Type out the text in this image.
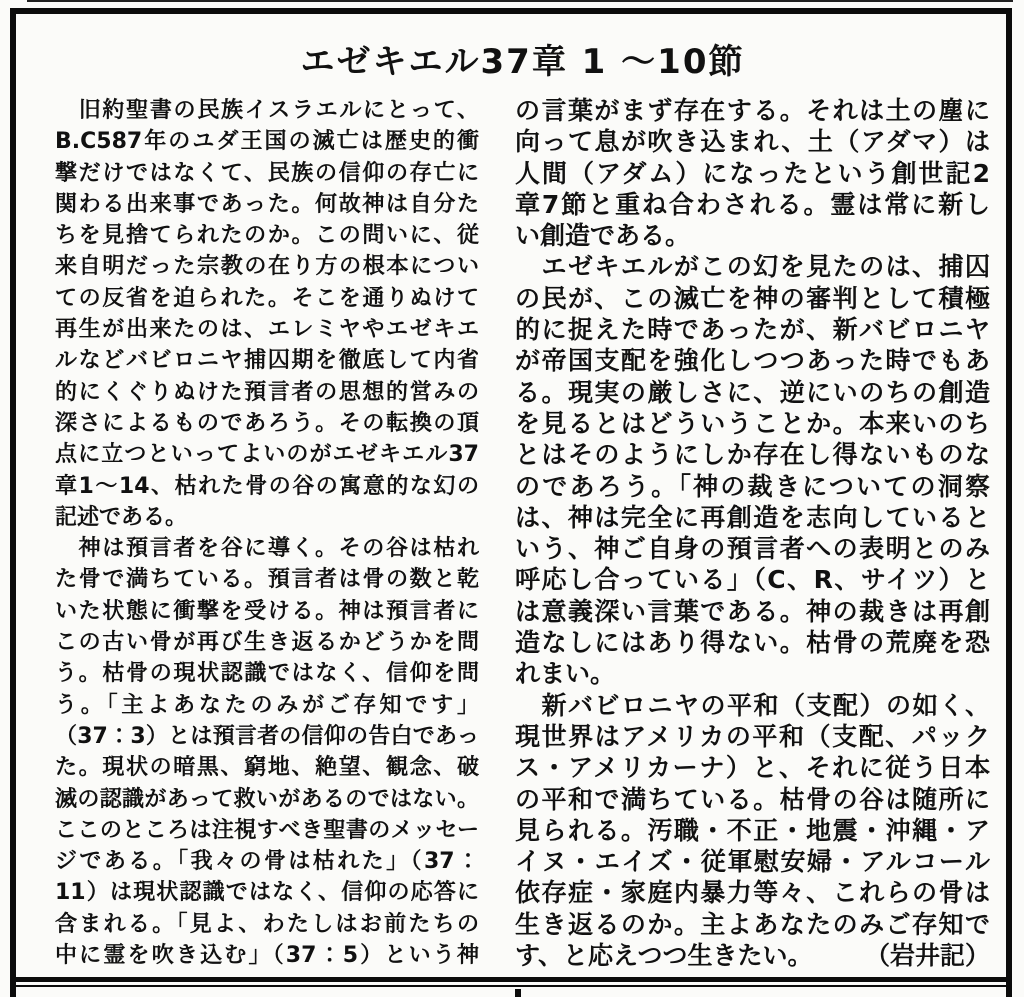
エゼキエル37章 1 〜10節
　旧約聖書の民族イスラエルにとって、
B.C587年のユダ王国の滅亡は歴史的衝
撃だけではなくて、民族の信仰の存亡に
関わる出来事であった。何故神は自分た
ちを見捨てられたのか。この問いに、従
来自明だった宗教の在り方の根本につい
ての反省を迫られた。そこを通りぬけて
再生が出来たのは、エレミヤやエゼキエ
ルなどバビロニヤ捕囚期を徹底して内省
的にくぐりぬけた預言者の思想的営みの
深さによるものであろう。その転換の頂
点に立つといってよいのがエゼキエル37
章1〜14、枯れた骨の谷の寓意的な幻の
記述である。
　神は預言者を谷に導く。その谷は枯れ
た骨で満ちている。預言者は骨の数と乾
いた状態に衝撃を受ける。神は預言者に
この古い骨が再び生き返るかどうかを問
う。枯骨の現状認識ではなく、信仰を問
う。「主よあなたのみがご存知です」
（37：3）とは預言者の信仰の告白であっ
た。現状の暗黒、窮地、絶望、観念、破
滅の認識があって救いがあるのではない。
ここのところは注視すべき聖書のメッセー
ジである。「我々の骨は枯れた」（37：
11）は現状認識ではなく、信仰の応答に
含まれる。「見よ、わたしはお前たちの
中に霊を吹き込む」（37：5）という神
の言葉がまず存在する。それは土の塵に
向って息が吹き込まれ、土（アダマ）は
人間（アダム）になったという創世記2
章7節と重ね合わされる。霊は常に新し
い創造である。
　エゼキエルがこの幻を見たのは、捕囚
の民が、この滅亡を神の審判として積極
的に捉えた時であったが、新バビロニヤ
が帝国支配を強化しつつあった時でもあ
る。現実の厳しさに、逆にいのちの創造
を見るとはどういうことか。本来いのち
とはそのようにしか存在し得ないものな
のであろう。「神の裁きについての洞察
は、神は完全に再創造を志向していると
いう、神ご自身の預言者への表明とのみ
呼応し合っている」（C、R、サイツ）と
は意義深い言葉である。神の裁きは再創
造なしにはあり得ない。枯骨の荒廃を恐
れまい。
　新バビロニヤの平和（支配）の如く、
現世界はアメリカの平和（支配、パック
ス・アメリカーナ）と、それに従う日本
の平和で満ちている。枯骨の谷は随所に
見られる。汚職・不正・地震・沖縄・ア
イヌ・エイズ・従軍慰安婦・アルコール
依存症・家庭内暴力等々、これらの骨は
生き返るのか。主よあなたのみご存知で
す、と応えつつ生きたい。 （岩井記）
